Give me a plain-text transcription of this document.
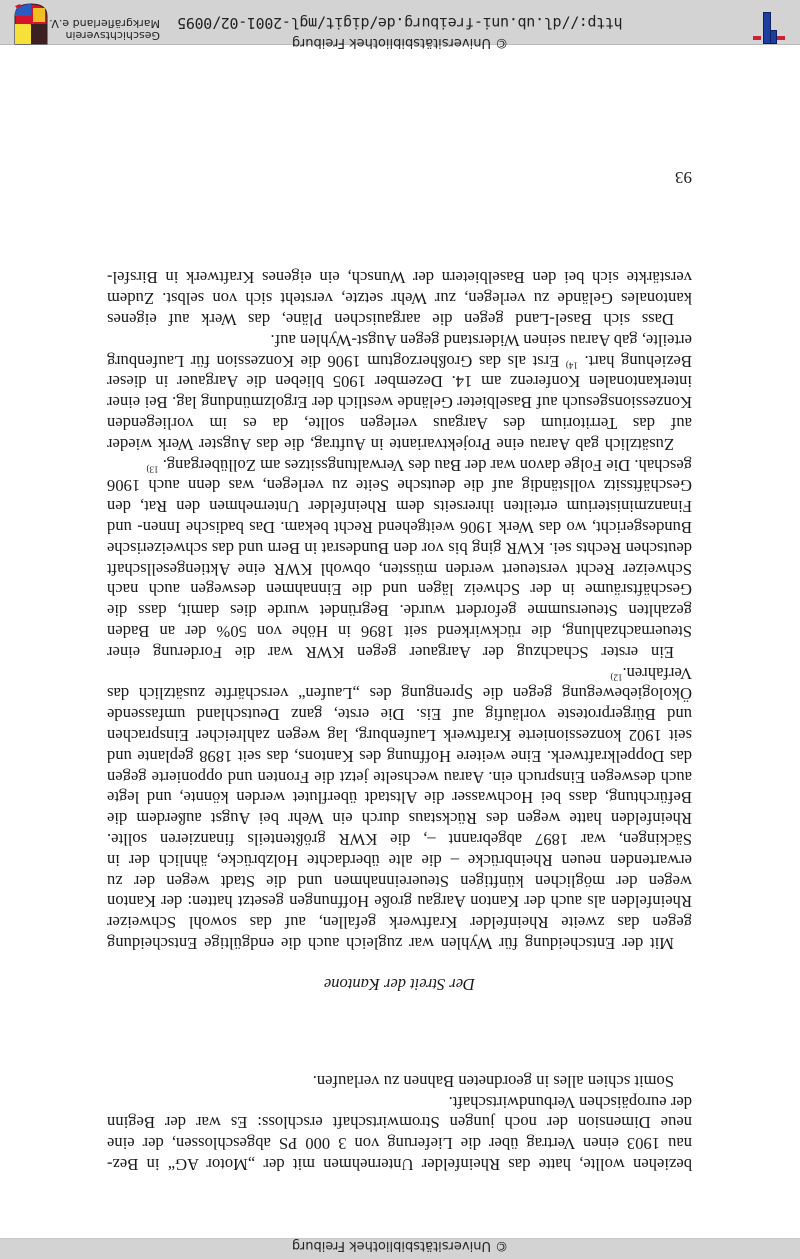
© Universitätsbibliothek Freiburg

beziehen wollte, hatte das Rheinfelder Unternehmen mit der „Motor AG“ in Bez-

nau 1903 einen Vertrag über die Lieferung von 3 000 PS abgeschlossen, der eine

neue Dimension der noch jungen Stromwirtschaft erschloss: Es war der Beginn

der europäischen Verbundwirtschaft.

Somit schien alles in geordneten Bahnen zu verlaufen.

Der Streit der Kantone

Mit der Entscheidung für Wyhlen war zugleich auch die endgültige Entscheidung gegen das zweite Rheinfelder Kraftwerk gefallen, auf das sowohl Schweizer Rheinfelden als auch der Kanton Aargau große Hoffnungen gesetzt hatten: der Kanton wegen der möglichen künftigen Steuereinnahmen und die Stadt wegen der zu erwartenden neuen Rheinbrücke – die alte überdachte Holzbrücke, ähnlich der in Säckingen, war 1897 abgebrannt –, die KWR größtenteils finanzieren sollte. Rheinfelden hatte wegen des Rückstaus durch ein Wehr bei Augst außerdem die Befürchtung, dass bei Hochwasser die Altstadt überflutet werden könnte, und legte auch deswegen Einspruch ein. Aarau wechselte jetzt die Fronten und opponierte gegen das Doppelkraftwerk. Eine weitere Hoffnung des Kantons, das seit 1898 geplante und seit 1902 konzessionierte Kraftwerk Laufenburg, lag wegen zahlreicher Einsprachen und Bürgerproteste vorläufig auf Eis. Die erste, ganz Deutschland umfassende Ökologiebewegung gegen die Sprengung des „Laufen“ verschärfte zusätzlich das Verfahren.$^{12)}$

Ein erster Schachzug der Aargauer gegen KWR war die Forderung einer Steuernachzahlung, die rückwirkend seit 1896 in Höhe von 50% der an Baden gezahlten Steuersumme gefordert wurde. Begründet wurde dies damit, dass die Geschäftsräume in der Schweiz lägen und die Einnahmen deswegen auch nach Schweizer Recht versteuert werden müssten, obwohl KWR eine Aktiengesellschaft deutschen Rechts sei. KWR ging bis vor den Bundesrat in Bern und das schweizerische Bundesgericht, wo das Werk 1906 weitgehend Recht bekam. Das badische Innen- und Finanzministerium erteilten ihrerseits dem Rheinfelder Unternehmen den Rat, den Geschäftssitz vollständig auf die deutsche Seite zu verlegen, was denn auch 1906 geschah. Die Folge davon war der Bau des Verwaltungssitzes am Zollübergang. $^{13)}$

Zusätzlich gab Aarau eine Projektvariante in Auftrag, die das Augster Werk wieder auf das Territorium des Aargaus verlegen sollte, da es im vorliegenden Konzessionsgesuch auf Baselbieter Gelände westlich der Ergolzmündung lag. Bei einer interkantonalen Konferenz am 14. Dezember 1905 blieben die Aargauer in dieser Beziehung hart. $^{14)}$ Erst als das Großherzogtum 1906 die Konzession für Laufenburg erteilte, gab Aarau seinen Widerstand gegen Augst-Wyhlen auf.

Dass sich Basel-Land gegen die aargauischen Pläne, das Werk auf eigenes kantonales Gelände zu verlegen, zur Wehr setzte, versteht sich von selbst. Zudem verstärkte sich bei den Baselbietern der Wunsch, ein eigenes Kraftwerk in Birsfel-

93
© Universitätsbibliothek Freiburg
http://dl.ub.uni-freiburg.de/digit/mgl-2001-02/0095
Geschichtsverein
Markgräflerland e.V.
